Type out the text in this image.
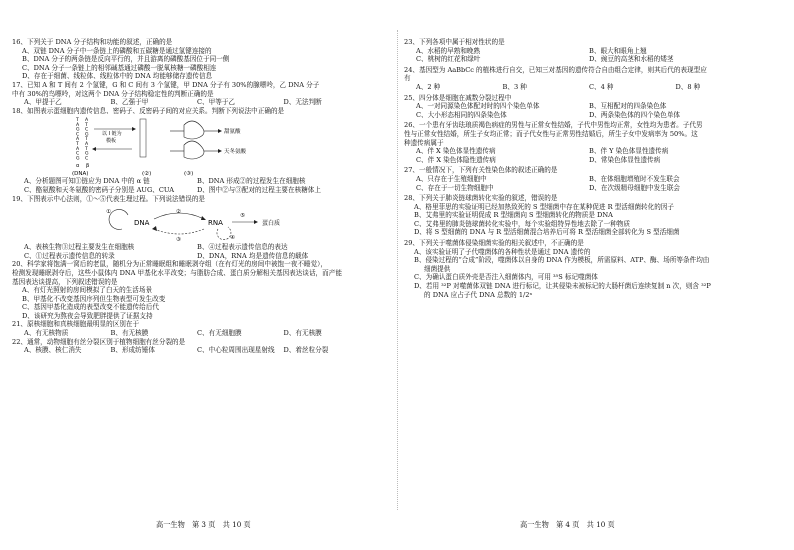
16、下列关于 DNA 分子结构和功能的叙述，正确的是
A、双链 DNA 分子中一条链上的磷酸和五碳糖是通过氢键连接的
B、DNA 分子的两条链是反向平行的，并且游离的磷酸基因位于同一侧
C、DNA 分子一条链上的相邻碱基通过磷酸一脱氧核糖一磷酸相连
D、存在于细菌、线粒体、线粒体中的 DNA 均能够储存遗传信息
17、已知 A 和 T 间有 2 个氢键，G 和 C 间有 3 个氢键，甲 DNA 分子有 30%的腺嘌呤，乙 DNA 分子
中有 30%的鸟嘌呤，对这两个 DNA 分子结构稳定性的判断正确的是
A、甲提于乙	B、乙强于甲	C、甲等于乙	D、无法判断
18、如图表示蛋细胞内遗传信息、密码子、反密码子间的对应关系。判断下列说法中正确的是
T
A
G
C
A
T
A
C
G
A
T
C
G
T
A
T
G
C
α β
(DNA)
以 I 链为
模板
甜氨酸
天冬氨酸
(②)	(③)
A、分析题图可知①链应为 DNA 中的 α 链	B、DNA 形成②的过程发生在细胞核
C、酪氨酸和天冬氨酸的密码子分别是 AUG、CUA	D、图中②与③配对的过程主要在核糖体上
19、下图表示中心法则，①～⑤代表生理过程。下列说法错误的是
①
DNA
②
③
RNA
④
⑤
蛋白质
A、表核生物③过程主要发生在细胞核	B、④过程表示遗传信息的表达
C、①过程表示遗传信息的转录	D、DNA，RNA 均是遗传信息的载体
20、科学家将饱满一窝后的老鼠，随机分为正常睡眠组和睡眠剥夺组（在有灯光的房间中被饱一夜不睡觉），
检测发现睡眠剥夺后，这些小鼠体内 DNA 甲基化水平改变；与脂肪合成、蛋白质分解相关基因表达谈话，而产能
基因表达谈提高，下列叙述错误的是
A、有灯光照射的房间模拟了白天的生活场景
B、甲基化不改变基因序列但生物表型可发生改变
C、基因甲基化造成的表型改变不能遗传给后代
D、该研究为熬夜会导致肥胖提供了证据支持
21、原核细胞和真核细胞最明显的区别在于
A、有无核物质	B、有无核膜	C、有无细胞膜	D、有无核膜
22、通常，动物细胞有丝分裂区别于植物细胞有丝分裂的是
A、核膜、核仁消失	B、形成纺锤体	C、中心粒周围出现星射线	D、着丝粒分裂
23、下列各项中属于相对性状的是
A、水稻的早熟和晚熟	B、眼大和眼角上翘
C、桃树的红花和绿叶	D、豌豆的高茎和水稻的矮茎
24、基因型为 AaBbCc 的植株进行自交，已知三对基因的遗传符合自由组合定律，则其后代的表现型应
有
A、2 种	B、3 种	C、4 种	D、8 种
25、四分体是细胞在减数分裂过程中
A、一对同源染色体配对时的四个染色单体	B、互相配对的四条染色体
C、大小形态相同的四条染色体	D、两条染色体的四个染色单体
26、一个患有牙齿珐琅质褐色病症的男性与正常女性结婚，子代中男性均正常，女性均为患者。子代男
性与正常女性结婚，所生子女均正常；而子代女性与正常男性结婚后，所生子女中发病率为 50%。这
种遗传病属于
A、伴 X 染色体显性遗传病	B、伴 Y 染色体显性遗传病
C、伴 X 染色体隐性遗传病	D、常染色体显性遗传病
27、一般情况下，下列有关性染色体的叙述正确的是
A、只存在于生殖细胞中	B、在体细胞增殖时不发生联会
C、存在于一切生物细胞中	D、在次级精母细胞中发生联会
28、下列关于肺炎链球菌转化实验的叙述，错误的是
A、格里菲思的实验证明已经加热致死的 S 型细菌中存在某种促进 R 型活细菌转化的因子
B、艾弗里的实验证明促成 R 型细菌向 S 型细菌转化的物质是 DNA
C、艾弗里的肺炎链球菌转化实验中，每个实验组特异性地去除了一种物质
D、将 S 型细菌的 DNA 与 R 型活细菌混合培养后可将 R 型活细菌全部转化为 S 型活细菌
29、下列关于噬菌体侵染细菌实验的相关叙述中，不正确的是
A、该实验证明了子代噬菌体的各种性状是通过 DNA 遗传的
B、侵染过程的“合成”阶段，噬菌体以自身的 DNA 作为模板，所需原料、ATP、酶、场所等条件均由
细菌提供
C、为确认蛋白质外壳是否注入细菌体内，可用 ³⁵S 标记噬菌体
D、若用 ³²P 对噬菌体双链 DNA 进行标记，让其侵染未被标记的大肠杆菌后连续复制 n 次，则含 ³²P
的 DNA 应占子代 DNA 总数的 1/2ⁿ
高一生物　第 3 页　共 10 页	高一生物　第 4 页　共 10 页
